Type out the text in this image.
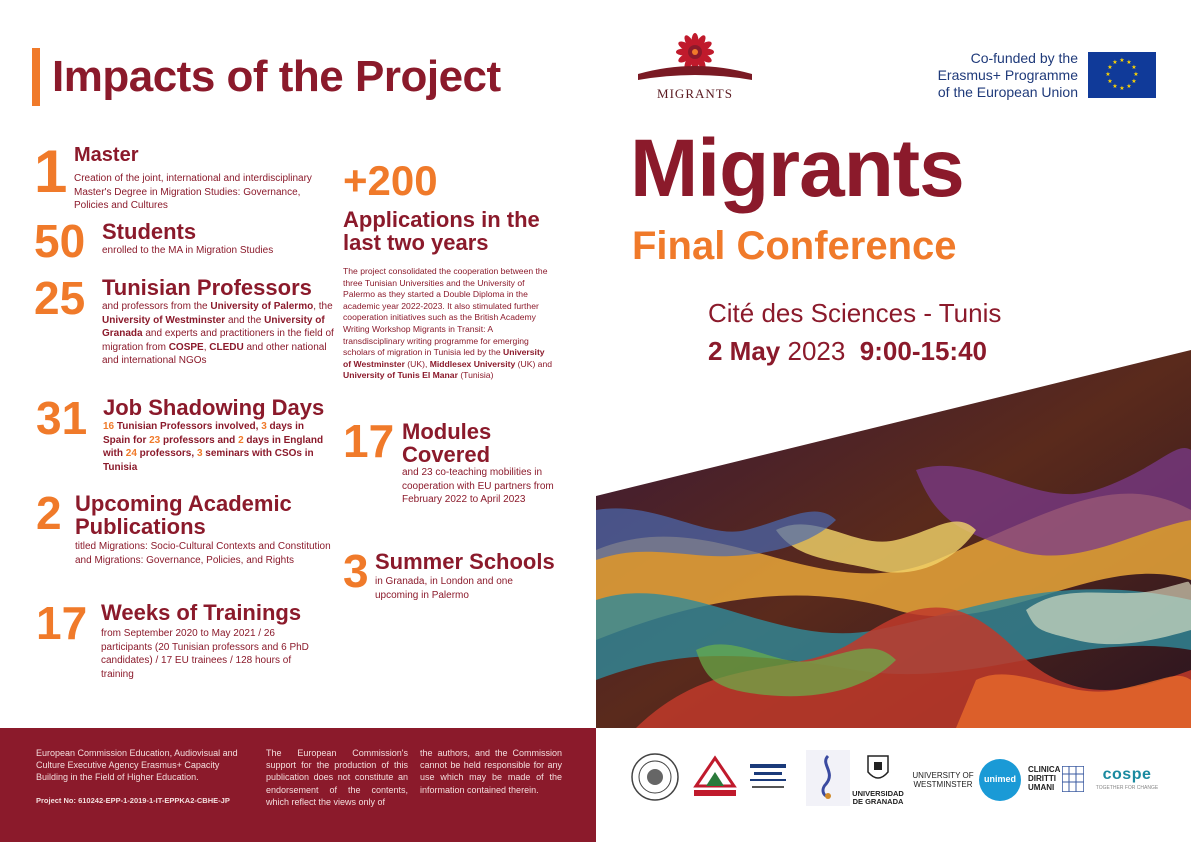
Impacts of the Project
1 Master
Creation of the joint, international and interdisciplinary Master's Degree in Migration Studies: Governance, Policies and Cultures
50 Students
enrolled to the MA in Migration Studies
25 Tunisian Professors
and professors from the University of Palermo, the University of Westminster and the University of Granada and experts and practitioners in the field of migration from COSPE, CLEDU and other national and international NGOs
31 Job Shadowing Days
16 Tunisian Professors involved, 3 days in Spain for 23 professors and 2 days in England with 24 professors, 3 seminars with CSOs in Tunisia
2 Upcoming Academic
Publications
titled Migrations: Socio-Cultural Contexts and Constitution and Migrations: Governance, Policies, and Rights
17 Weeks of Trainings
from September 2020 to May 2021 / 26 participants (20 Tunisian professors and 6 PhD candidates) / 17 EU trainees / 128 hours of training
+200
Applications in the
last two years
The project consolidated the cooperation between the three Tunisian Universities and the University of Palermo as they started a Double Diploma in the academic year 2022-2023. It also stimulated further cooperation initiatives such as the British Academy Writing Workshop Migrants in Transit: A transdisciplinary writing programme for emerging scholars of migration in Tunisia led by the University of Westminster (UK), Middlesex University (UK) and University of Tunis El Manar (Tunisia)
17 Modules
Covered
and 23 co-teaching mobilities in cooperation with EU partners from February 2022 to April 2023
3 Summer Schools
in Granada, in London and one upcoming in Palermo
MIGRANTS
Co-funded by the
Erasmus+ Programme
of the European Union
★ ★
★
★
★
★
★
★
★
★
★
★
Migrants
Final Conference
Cité des Sciences - Tunis
2 May 2023 9:00-15:40
European Commission Education, Audiovisual and Culture Executive Agency Erasmus+ Capacity Building in the Field of Higher Education.
Project No: 610242-EPP-1-2019-1-IT-EPPKA2-CBHE-JP
The European Commission's support for the production of this publication does not constitute an endorsement of the contents, which reflect the views only of
the authors, and the Commission cannot be held responsible for any use which may be made of the information contained therein.	UNIVERSIDAD
DE GRANADA
UNIVERSITY OF
WESTMINSTER
unimed
CLINICA
DIRITTI
UMANI
cospe
TOGETHER FOR CHANGE
